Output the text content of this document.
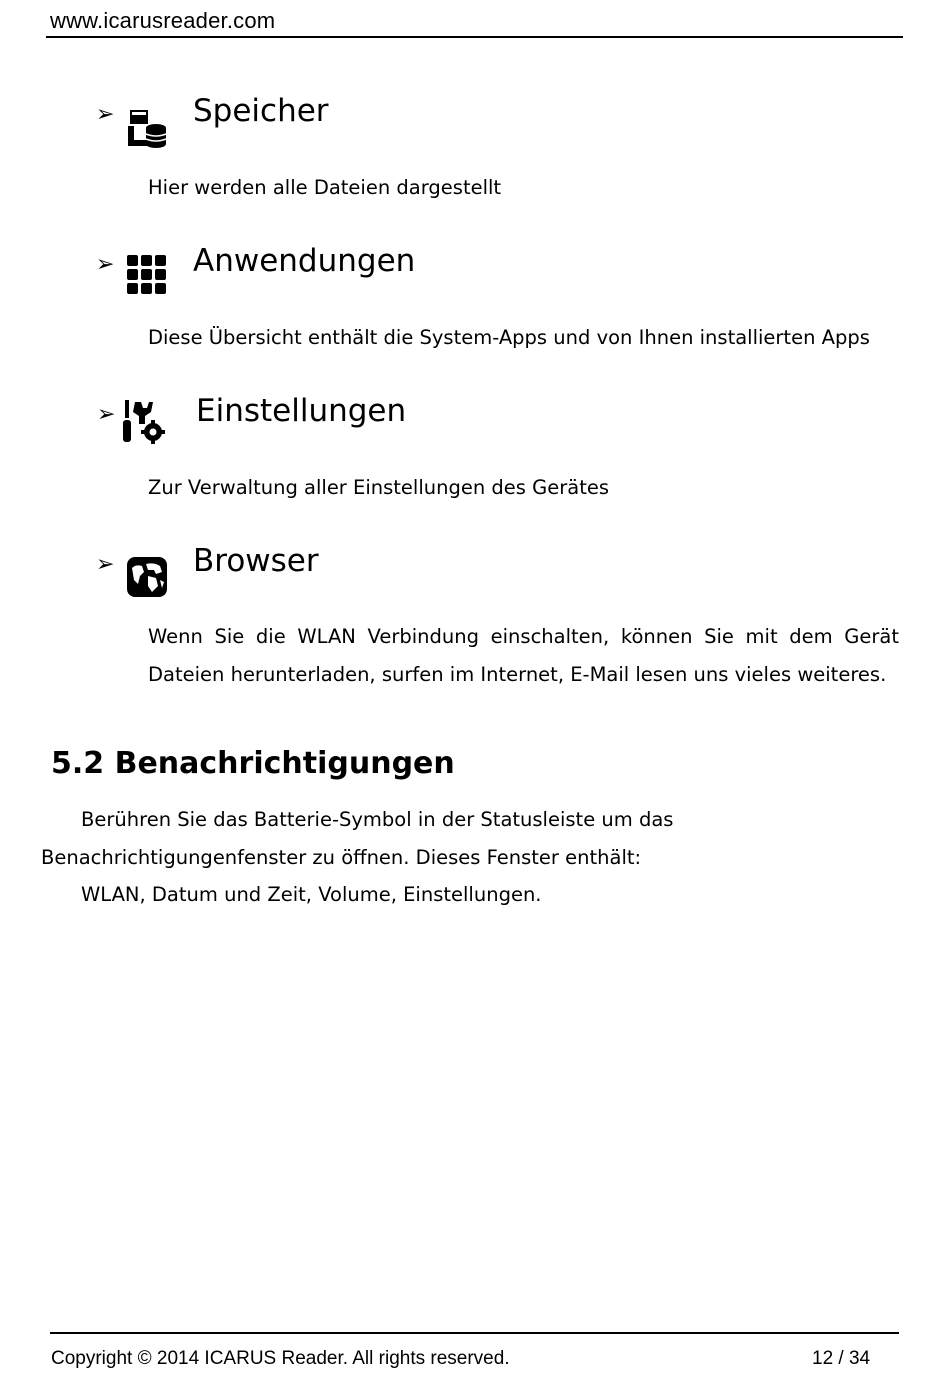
www.icarusreader.com
➢	Speicher
Hier werden alle Dateien dargestellt
➢	Anwendungen
Diese Übersicht enthält die System-Apps und von Ihnen installierten Apps
➢	Einstellungen
Zur Verwaltung aller Einstellungen des Gerätes
➢	Browser
Wenn Sie die WLAN Verbindung einschalten, können Sie mit dem Gerät Dateien herunterladen, surfen im Internet, E-Mail lesen uns vieles weiteres.
5.2 Benachrichtigungen
Berühren Sie das Batterie-Symbol in der Statusleiste um das
Benachrichtigungenfenster zu öffnen. Dieses Fenster enthält:
WLAN, Datum und Zeit, Volume, Einstellungen.
Copyright © 2014 ICARUS Reader. All rights reserved.	12 / 34
